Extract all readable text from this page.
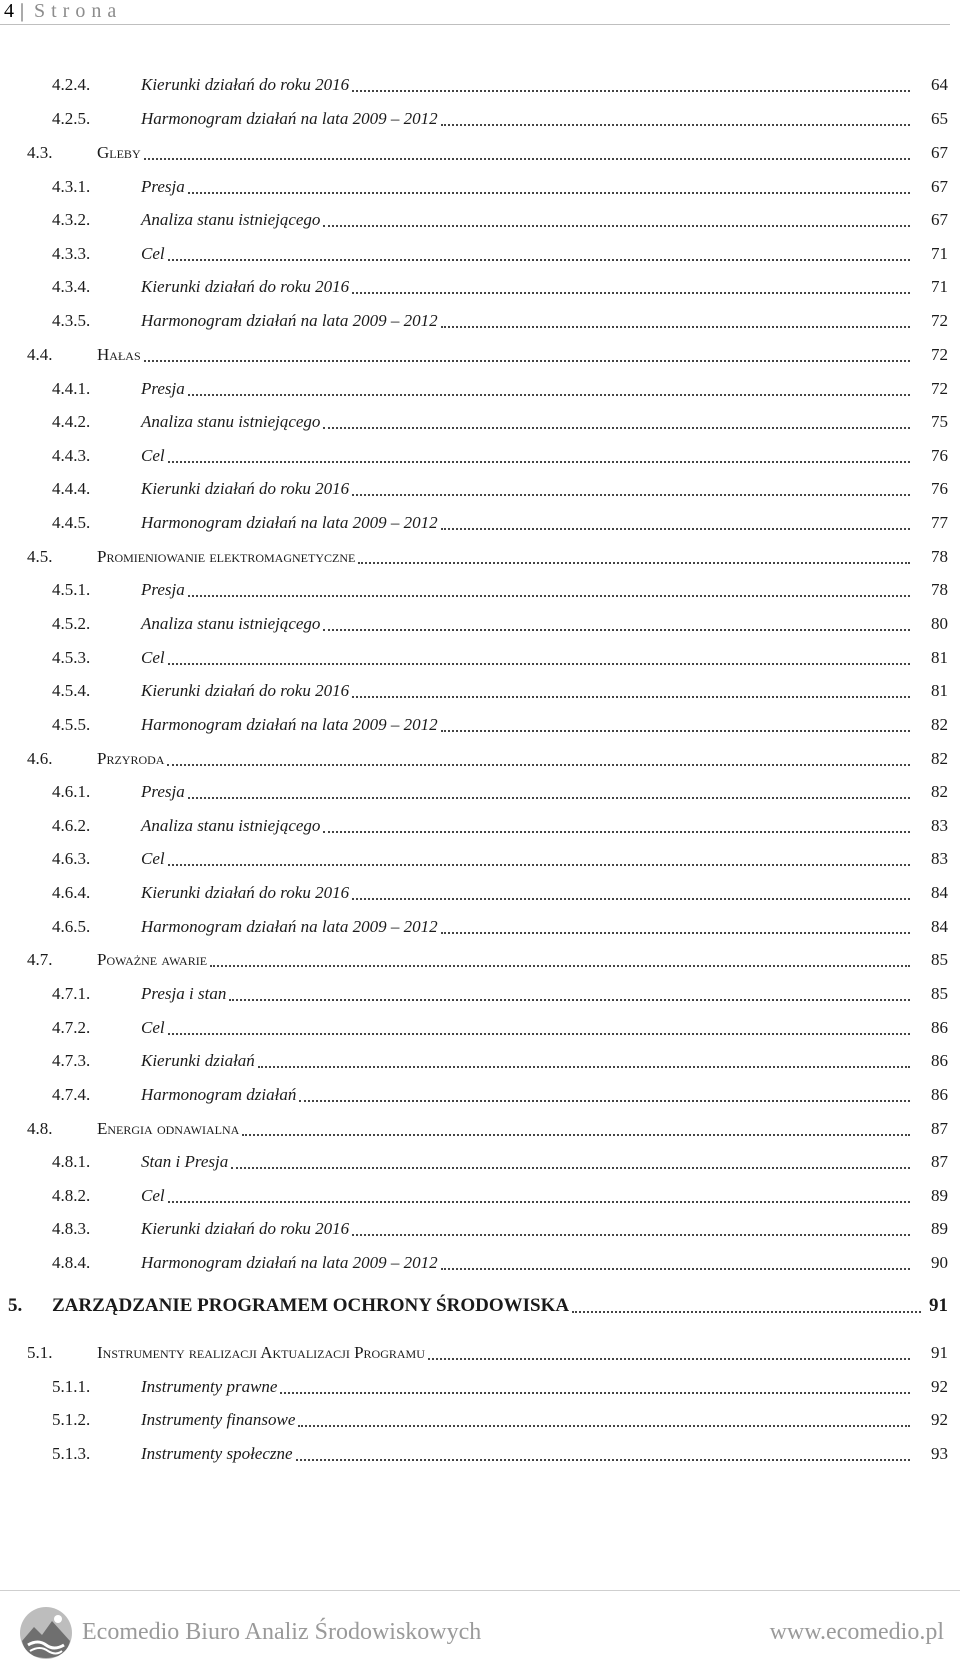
4 | Strona
4.2.4.	Kierunki działań do roku 2016	64
4.2.5.	Harmonogram działań na lata 2009 – 2012	65
4.3.	Gleby	67
4.3.1.	Presja	67
4.3.2.	Analiza stanu istniejącego	67
4.3.3.	Cel	71
4.3.4.	Kierunki działań do roku 2016	71
4.3.5.	Harmonogram działań na lata 2009 – 2012	72
4.4.	Hałas	72
4.4.1.	Presja	72
4.4.2.	Analiza stanu istniejącego	75
4.4.3.	Cel	76
4.4.4.	Kierunki działań do roku 2016	76
4.4.5.	Harmonogram działań na lata 2009 – 2012	77
4.5.	Promieniowanie elektromagnetyczne	78
4.5.1.	Presja	78
4.5.2.	Analiza stanu istniejącego	80
4.5.3.	Cel	81
4.5.4.	Kierunki działań do roku 2016	81
4.5.5.	Harmonogram działań na lata 2009 – 2012	82
4.6.	Przyroda	82
4.6.1.	Presja	82
4.6.2.	Analiza stanu istniejącego	83
4.6.3.	Cel	83
4.6.4.	Kierunki działań do roku 2016	84
4.6.5.	Harmonogram działań na lata 2009 – 2012	84
4.7.	Poważne awarie	85
4.7.1.	Presja i stan	85
4.7.2.	Cel	86
4.7.3.	Kierunki działań	86
4.7.4.	Harmonogram działań	86
4.8.	Energia odnawialna	87
4.8.1.	Stan i Presja	87
4.8.2.	Cel	89
4.8.3.	Kierunki działań do roku 2016	89
4.8.4.	Harmonogram działań na lata 2009 – 2012	90
5. ZARZĄDZANIE PROGRAMEM OCHRONY ŚRODOWISKA	91
5.1.	Instrumenty realizacji Aktualizacji Programu	91
5.1.1.	Instrumenty prawne	92
5.1.2.	Instrumenty finansowe	92
5.1.3.	Instrumenty społeczne	93
Ecomedio Biuro Analiz Środowiskowych	www.ecomedio.pl
